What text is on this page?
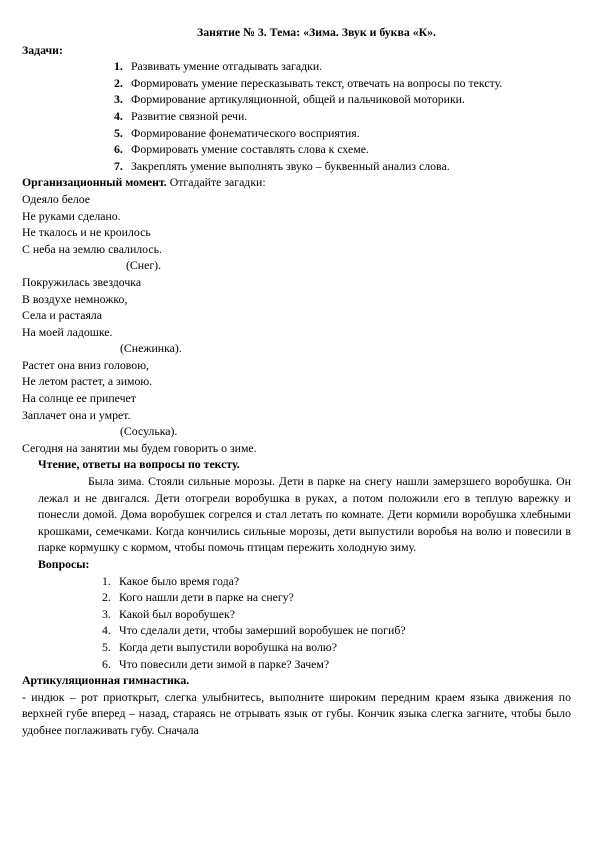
Занятие № 3. Тема: «Зима. Звук и буква «К».
Задачи:
1. Развивать умение отгадывать загадки.
2. Формировать умение пересказывать текст, отвечать на вопросы по тексту.
3. Формирование артикуляционной, общей и пальчиковой моторики.
4. Развитие связной речи.
5. Формирование фонематического восприятия.
6. Формировать умение составлять слова к схеме.
7. Закреплять умение выполнять звуко – буквенный анализ слова.
Организационный момент. Отгадайте загадки:
Одеяло белое
Не руками сделано.
Не ткалось и не кроилось
С неба на землю свалилось.
(Снег).
Покружилась звездочка
В воздухе немножко,
Села и растаяла
На моей ладошке.
(Снежинка).
Растет она вниз головою,
Не летом растет, а зимою.
На солнце ее припечет
Заплачет она и умрет.
(Сосулька).
Сегодня на занятии мы будем говорить о зиме.
Чтение, ответы на вопросы по тексту.

Была зима. Стояли сильные морозы. Дети в парке на снегу нашли замерзшего воробушка. Он лежал и не двигался. Дети отогрели воробушка в руках, а потом положили его в теплую варежку и понесли домой. Дома воробушек согрелся и стал летать по комнате. Дети кормили воробушка хлебными крошками, семечками. Когда кончились сильные морозы, дети выпустили воробья на волю и повесили в парке кормушку с кормом, чтобы помочь птицам пережить холодную зиму.

Вопросы:
1. Какое было время года?
2. Кого нашли дети в парке на снегу?
3. Какой был воробушек?
4. Что сделали дети, чтобы замерший воробушек не погиб?
5. Когда дети выпустили воробушка на волю?
6. Что повесили дети зимой в парке? Зачем?
Артикуляционная гимнастика.

- индюк – рот приоткрыт, слегка улыбнитесь, выполните широким передним краем языка движения по верхней губе вперед – назад, стараясь не отрывать язык от губы. Кончик языка слегка загните, чтобы было удобнее поглаживать губу. Сначала
